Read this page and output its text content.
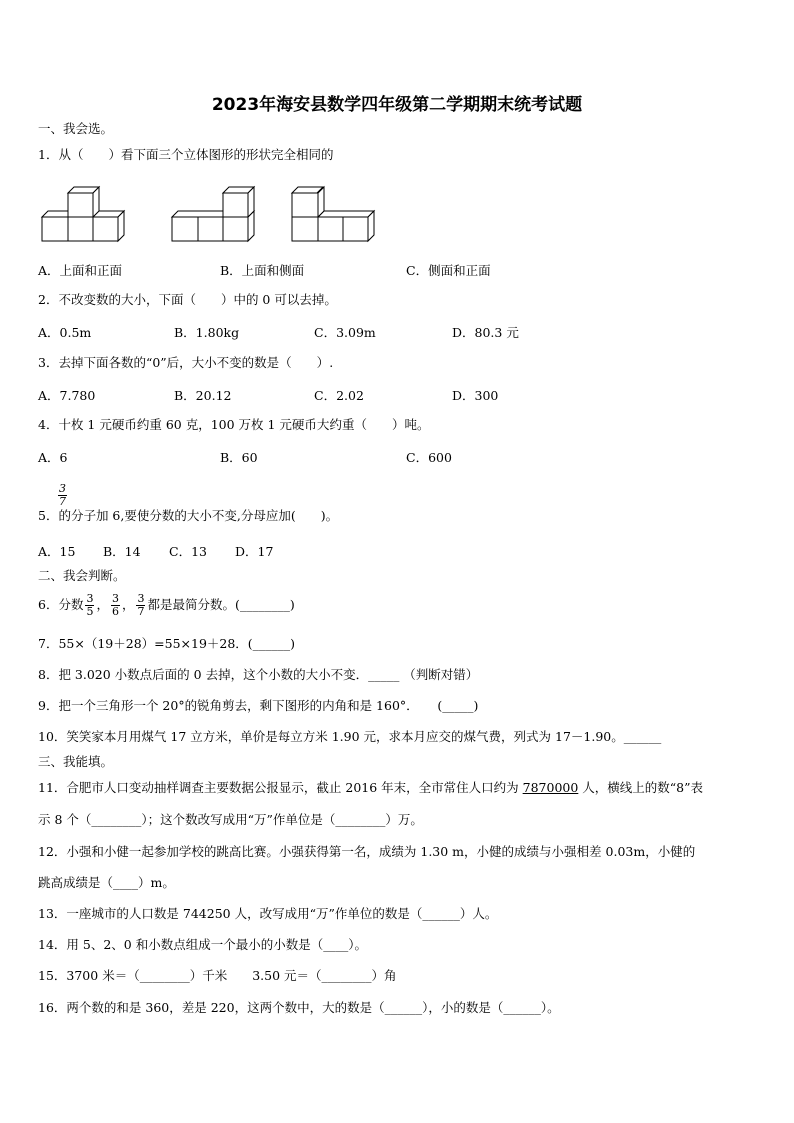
2023年海安县数学四年级第二学期期末统考试题
一、我会选。
1．从（　　）看下面三个立体图形的形状完全相同的
A．上面和正面	B．上面和侧面	C．侧面和正面
2．不改变数的大小，下面（　　）中的 0 可以去掉。
A．0.5m	B．1.80kg	C．3.09m	D．80.3 元
3．去掉下面各数的“0”后，大小不变的数是（　　）.
A．7.780	B．20.12	C．2.02	D．300
4．十枚 1 元硬币约重 60 克，100 万枚 1 元硬币大约重（　　）吨。
A．6	B．60	C．600
5．的分子加 6,要使分数的大小不变,分母应加(　　)。
$\frac{3}{7}$
A．15 B．14 C．13 D．17
二、我会判断。
6．分数 $\frac{3}{5}$ ， $\frac{3}{6}$ ， $\frac{3}{7}$ 都是最简分数。(________)
7．55×（19＋28）=55×19＋28．(______)
8．把 3.020 小数点后面的 0 去掉，这个小数的大小不变．_____ （判断对错）
9．把一个三角形一个 20°的锐角剪去，剩下图形的内角和是 160°．　　(_____)
10．笑笑家本月用煤气 17 立方米，单价是每立方米 1.90 元，求本月应交的煤气费，列式为 17－1.90。______
三、我能填。
11．合肥市人口变动抽样调查主要数据公报显示，截止 2016 年末，全市常住人口约为 7870000 人，横线上的数“8”表
示 8 个（________）；这个数改写成用“万”作单位是（________）万。
12．小强和小健一起参加学校的跳高比赛。小强获得第一名，成绩为 1.30 m，小健的成绩与小强相差 0.03m，小健的
跳高成绩是（____）m。
13．一座城市的人口数是 744250 人，改写成用“万”作单位的数是（______）人。
14．用 5、2、0 和小数点组成一个最小的小数是（____）。
15．3700 米＝（________）千米　　3.50 元＝（________）角
16．两个数的和是 360，差是 220，这两个数中，大的数是（______），小的数是（______）。
